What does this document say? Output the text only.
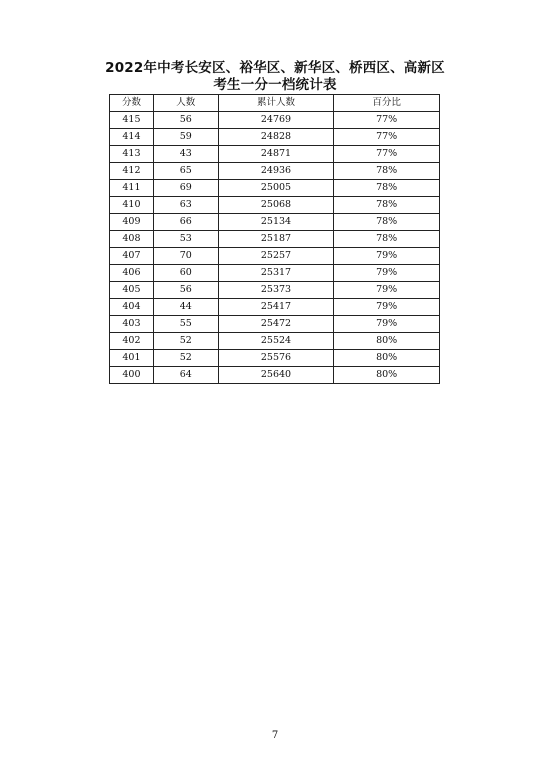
2022年中考长安区、裕华区、新华区、桥西区、高新区
考生一分一档统计表
分数	人数	累计人数	百分比
415	56	24769	77%
414	59	24828	77%
413	43	24871	77%
412	65	24936	78%
411	69	25005	78%
410	63	25068	78%
409	66	25134	78%
408	53	25187	78%
407	70	25257	79%
406	60	25317	79%
405	56	25373	79%
404	44	25417	79%
403	55	25472	79%
402	52	25524	80%
401	52	25576	80%
400	64	25640	80%
7
